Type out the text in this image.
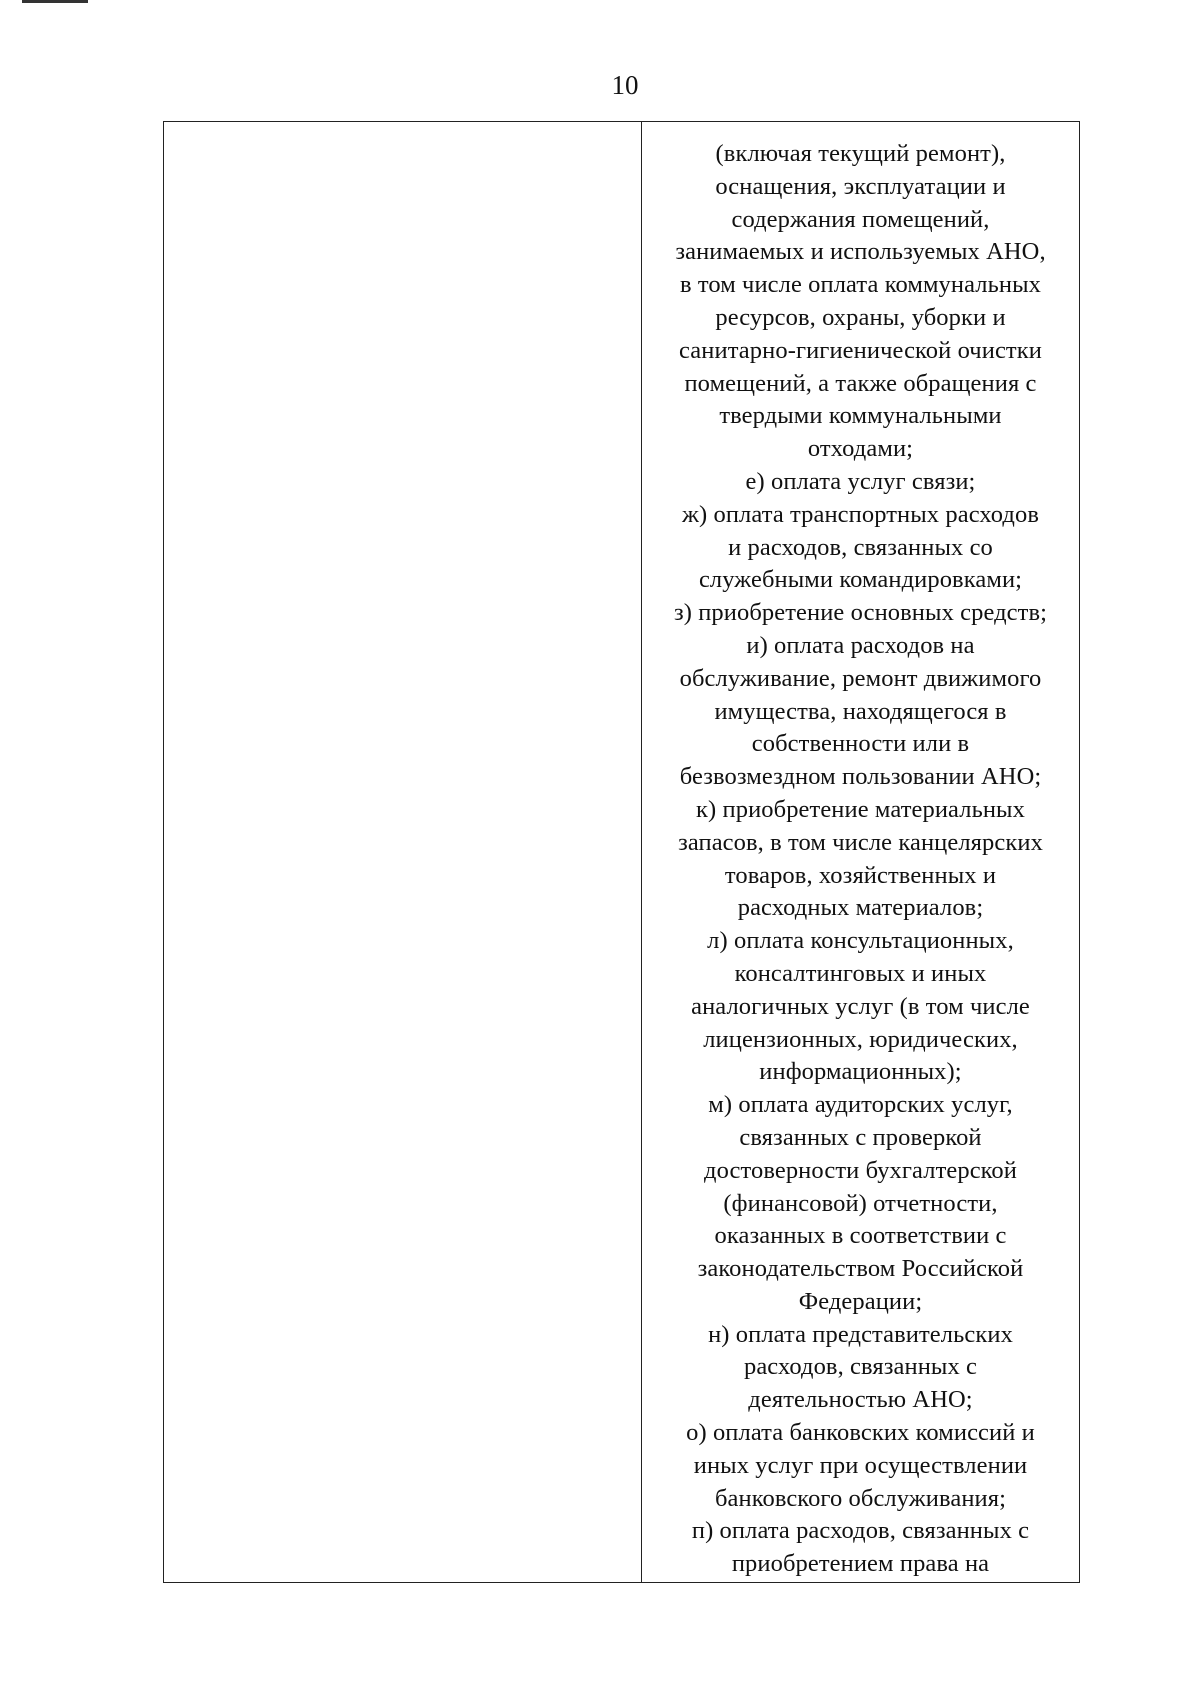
10

(включая текущий ремонт),
оснащения, эксплуатации и
содержания помещений,
занимаемых и используемых АНО,
в том числе оплата коммунальных
ресурсов, охраны, уборки и
санитарно-гигиенической очистки
помещений, а также обращения с
твердыми коммунальными
отходами;
е) оплата услуг связи;
ж) оплата транспортных расходов
и расходов, связанных со
служебными командировками;
з) приобретение основных средств;
и) оплата расходов на
обслуживание, ремонт движимого
имущества, находящегося в
собственности или в
безвозмездном пользовании АНО;
к) приобретение материальных
запасов, в том числе канцелярских
товаров, хозяйственных и
расходных материалов;
л) оплата консультационных,
консалтинговых и иных
аналогичных услуг (в том числе
лицензионных, юридических,
информационных);
м) оплата аудиторских услуг,
связанных с проверкой
достоверности бухгалтерской
(финансовой) отчетности,
оказанных в соответствии с
законодательством Российской
Федерации;
н) оплата представительских
расходов, связанных с
деятельностью АНО;
о) оплата банковских комиссий и
иных услуг при осуществлении
банковского обслуживания;
п) оплата расходов, связанных с
приобретением права на
